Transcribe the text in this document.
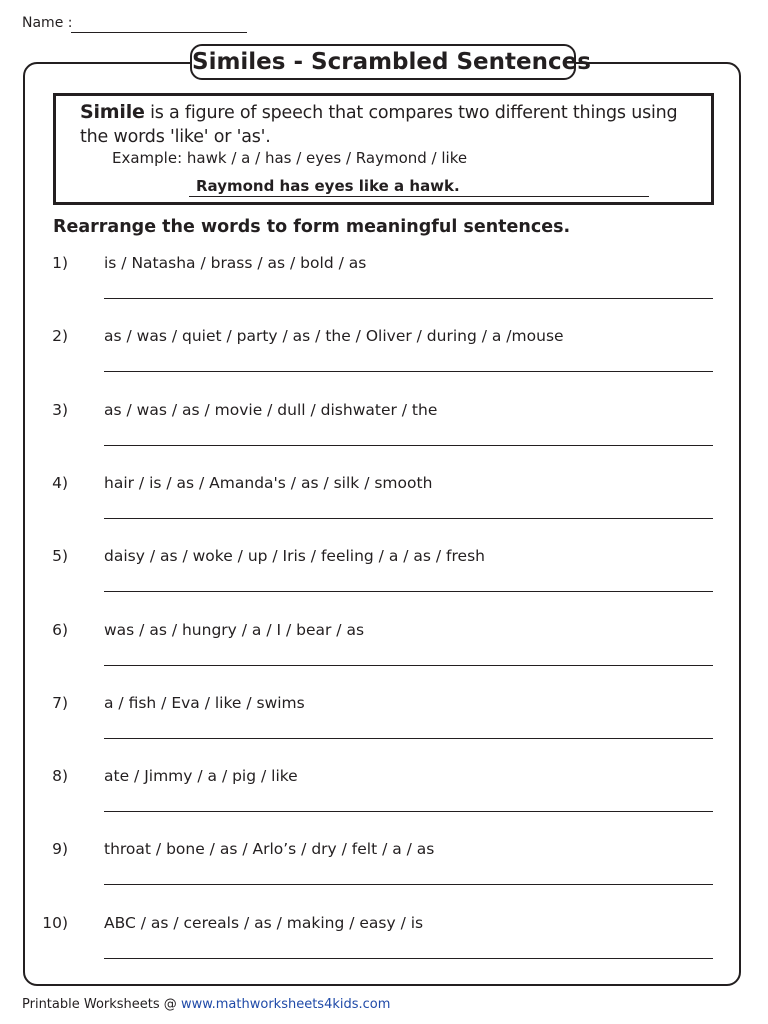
Name :
Similes - Scrambled Sentences
Simile is a figure of speech that compares two different things using the words 'like' or 'as'.
Example: hawk / a / has / eyes / Raymond / like
Raymond has eyes like a hawk.
Rearrange the words to form meaningful sentences.
1) is / Natasha / brass / as / bold / as
2) as / was / quiet / party / as / the / Oliver / during / a /mouse
3) as / was / as / movie / dull / dishwater / the
4) hair / is / as / Amanda's / as / silk / smooth
5) daisy / as / woke / up / Iris / feeling / a / as / fresh
6) was / as / hungry / a / I / bear / as
7) a / fish / Eva / like / swims
8) ate / Jimmy / a / pig / like
9) throat / bone / as / Arlo’s / dry / felt / a / as
10) ABC / as / cereals / as / making / easy / is
Printable Worksheets @ www.mathworksheets4kids.com
